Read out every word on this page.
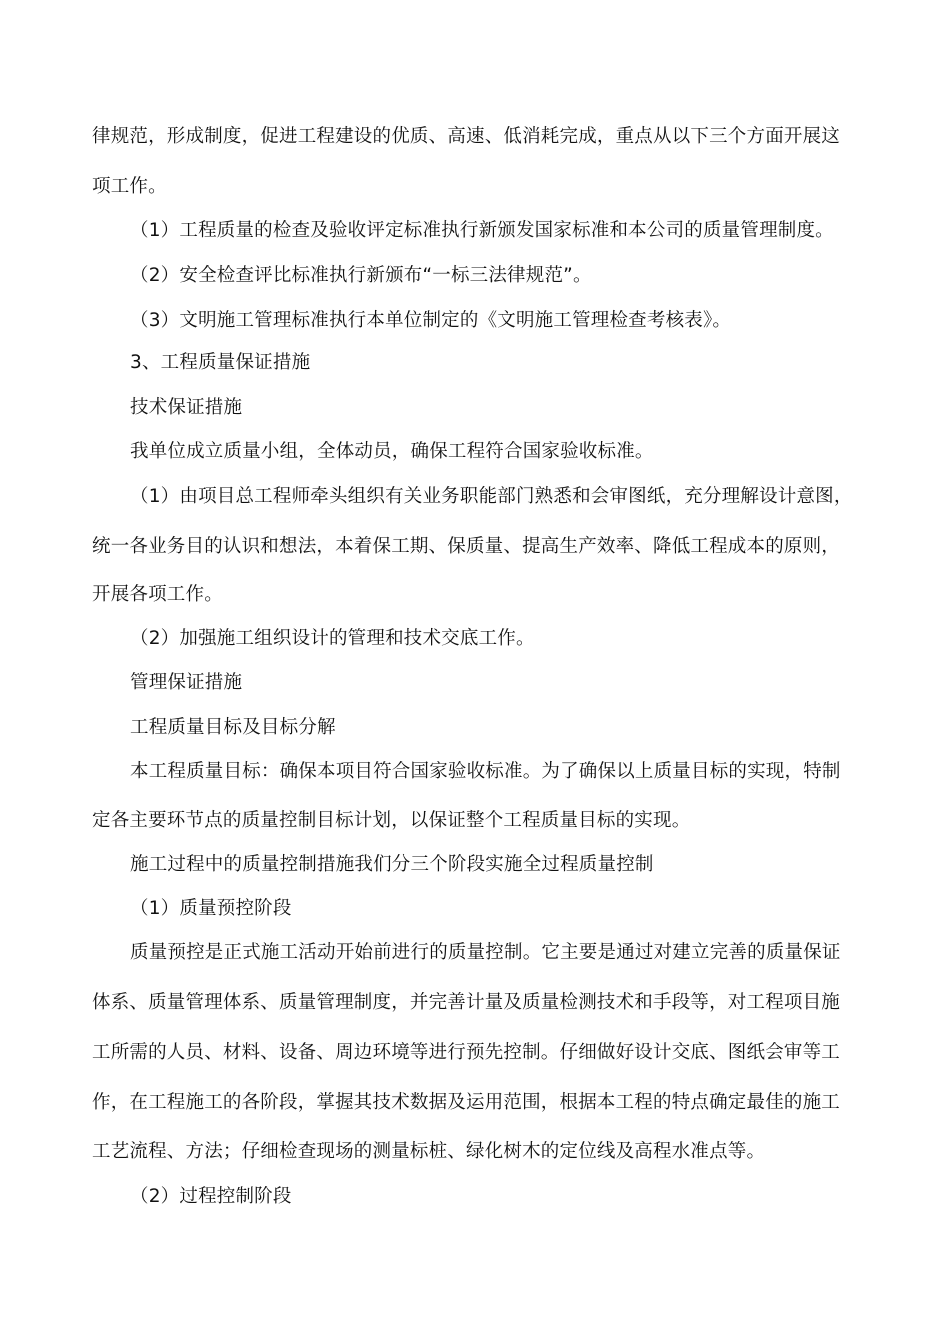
律规范，形成制度，促进工程建设的优质、高速、低消耗完成，重点从以下三个方面开展这
项工作。
（1）工程质量的检查及验收评定标准执行新颁发国家标准和本公司的质量管理制度。
（2）安全检查评比标准执行新颁布“一标三法律规范”。
（3）文明施工管理标准执行本单位制定的《文明施工管理检查考核表》。
3、工程质量保证措施
技术保证措施
我单位成立质量小组，全体动员，确保工程符合国家验收标准。
（1）由项目总工程师牵头组织有关业务职能部门熟悉和会审图纸，充分理解设计意图，
统一各业务目的认识和想法，本着保工期、保质量、提高生产效率、降低工程成本的原则，
开展各项工作。
（2）加强施工组织设计的管理和技术交底工作。
管理保证措施
工程质量目标及目标分解
本工程质量目标：确保本项目符合国家验收标准。为了确保以上质量目标的实现，特制
定各主要环节点的质量控制目标计划，以保证整个工程质量目标的实现。
施工过程中的质量控制措施我们分三个阶段实施全过程质量控制
（1）质量预控阶段
质量预控是正式施工活动开始前进行的质量控制。它主要是通过对建立完善的质量保证
体系、质量管理体系、质量管理制度，并完善计量及质量检测技术和手段等，对工程项目施
工所需的人员、材料、设备、周边环境等进行预先控制。仔细做好设计交底、图纸会审等工
作，在工程施工的各阶段，掌握其技术数据及运用范围，根据本工程的特点确定最佳的施工
工艺流程、方法；仔细检查现场的测量标桩、绿化树木的定位线及高程水准点等。
（2）过程控制阶段
